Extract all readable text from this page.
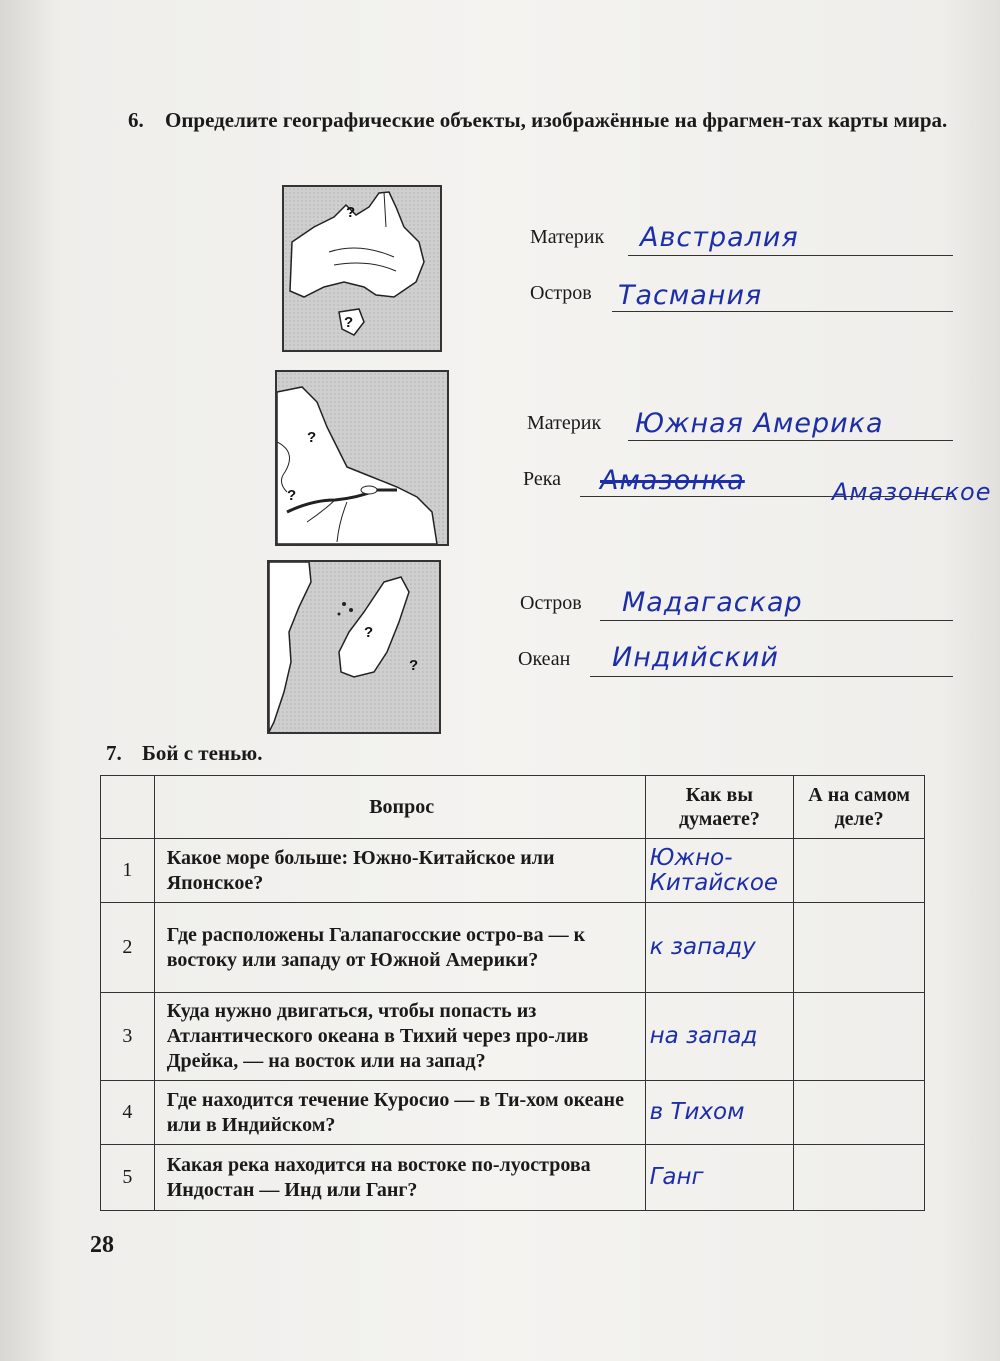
6. Определите географические объекты, изображённые на фрагмен-тах карты мира.
?
?
?
?
?
?
Материк Австралия
Остров Тасмания
Материк Южная Америка
Река Амазонка	Амазонское
Остров Мадагаскар
Океан Индийский
7. Бой с тенью.
	Вопрос	Как вы думаете?	А на самом деле?
1	Какое море больше: Южно-Китайское или Японское?	Южно-Китайское	
2	Где расположены Галапагосские остро-ва — к востоку или западу от Южной Америки?	к западу	
3	Куда нужно двигаться, чтобы попасть из Атлантического океана в Тихий через про-лив Дрейка, — на восток или на запад?	на запад	
4	Где находится течение Куросио — в Ти-хом океане или в Индийском?	в Тихом	
5	Какая река находится на востоке по-луострова Индостан — Инд или Ганг?	Ганг	
28
